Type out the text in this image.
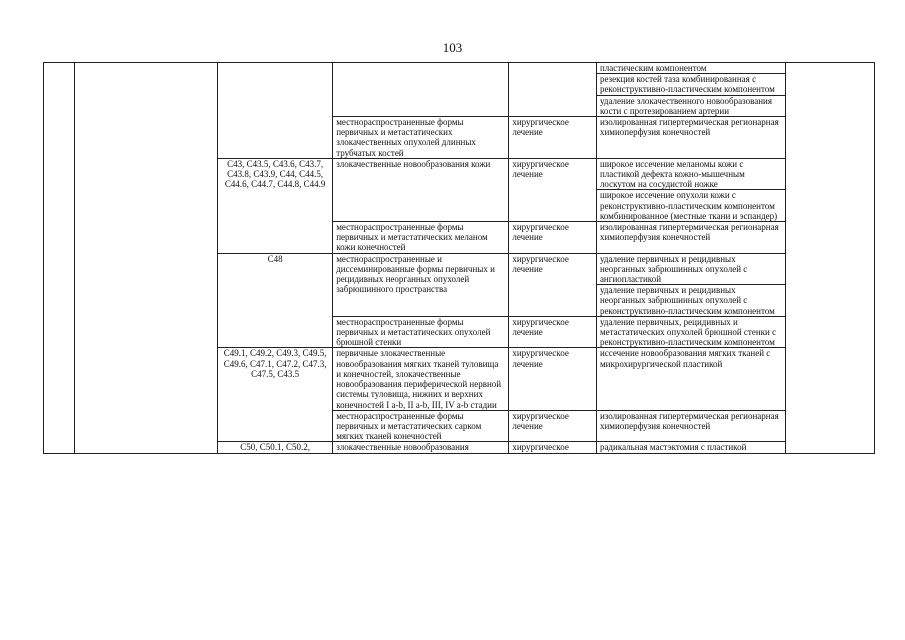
103
					пластическим компонентом	
					резекция костей таза комбинированная с реконструктивно-пластическим компонентом	
					удаление злокачественного новообразования кости с протезированием артерии	
			местнораспространенные формы первичных и метастатических злокачественных опухолей длинных трубчатых костей	хирургическое лечение	изолированная гипертермическая регионарная химиоперфузия конечностей	
		C43, C43.5, C43.6, C43.7, C43.8, C43.9, C44, C44.5, C44.6, C44.7, C44.8, C44.9	злокачественные новообразования кожи	хирургическое лечение	широкое иссечение меланомы кожи с пластикой дефекта кожно-мышечным лоскутом на сосудистой ножке	
					широкое иссечение опухоли кожи с реконструктивно-пластическим компонентом комбинированное (местные ткани и эспандер)	
			местнораспространенные формы первичных и метастатических меланом кожи конечностей	хирургическое лечение	изолированная гипертермическая регионарная химиоперфузия конечностей	
		C48	местнораспространенные и диссеминированные формы первичных и рецидивных неорганных опухолей забрюшинного пространства	хирургическое лечение	удаление первичных и рецидивных неорганных забрюшинных опухолей с ангиопластикой	
					удаление первичных и рецидивных неорганных забрюшинных опухолей с реконструктивно-пластическим компонентом	
			местнораспространенные формы первичных и метастатических опухолей брюшной стенки	хирургическое лечение	удаление первичных, рецидивных и метастатических опухолей брюшной стенки с реконструктивно-пластическим компонентом	
		C49.1, C49.2, C49.3, C49.5, C49.6, C47.1, C47.2, C47.3, C47.5, C43.5	первичные злокачественные новообразования мягких тканей туловища и конечностей, злокачественные новообразования периферической нервной системы туловища, нижних и верхних конечностей I a-b, II a-b, III, IV a-b стадии	хирургическое лечение	иссечение новообразования мягких тканей с микрохирургической пластикой	
			местнораспространенные формы первичных и метастатических сарком мягких тканей конечностей	хирургическое лечение	изолированная гипертермическая регионарная химиоперфузия конечностей	
		C50, C50.1, C50.2,	злокачественные новообразования	хирургическое	радикальная мастэктомия с пластикой	
